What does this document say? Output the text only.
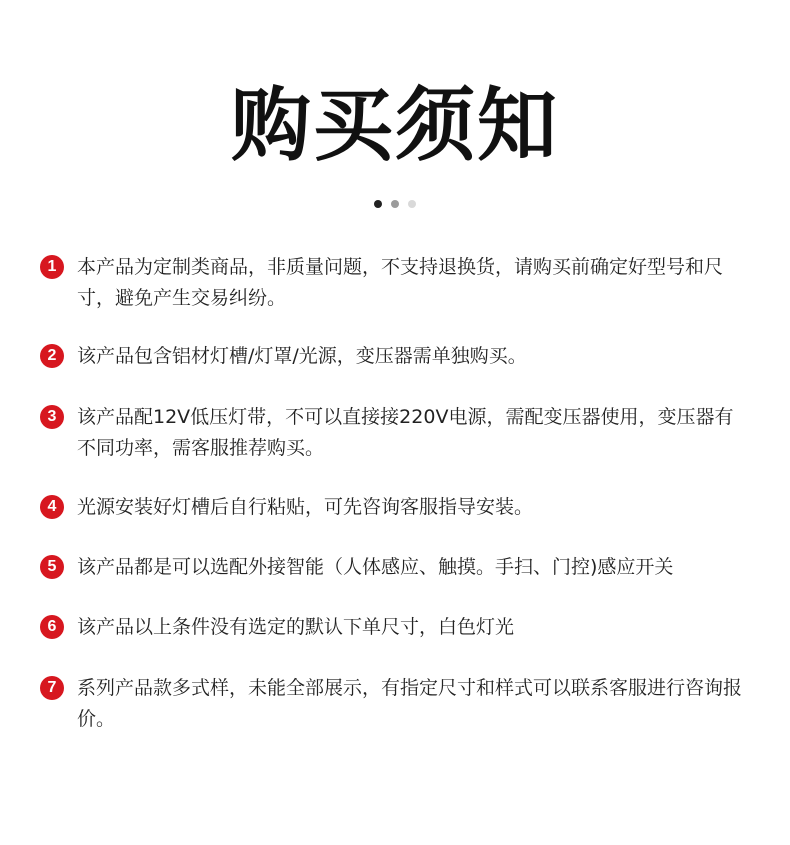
购买须知
1	本产品为定制类商品，非质量问题，不支持退换货，请购买前确定好型号和尺寸，避免产生交易纠纷。
2	该产品包含铝材灯槽/灯罩/光源，变压器需单独购买。
3	该产品配12V低压灯带，不可以直接接220V电源，需配变压器使用，变压器有不同功率，需客服推荐购买。
4	光源安装好灯槽后自行粘贴，可先咨询客服指导安装。
5	该产品都是可以选配外接智能（人体感应、触摸。手扫、门控)感应开关
6	该产品以上条件没有选定的默认下单尺寸，白色灯光
7	系列产品款多式样，未能全部展示，有指定尺寸和样式可以联系客服进行咨询报价。
